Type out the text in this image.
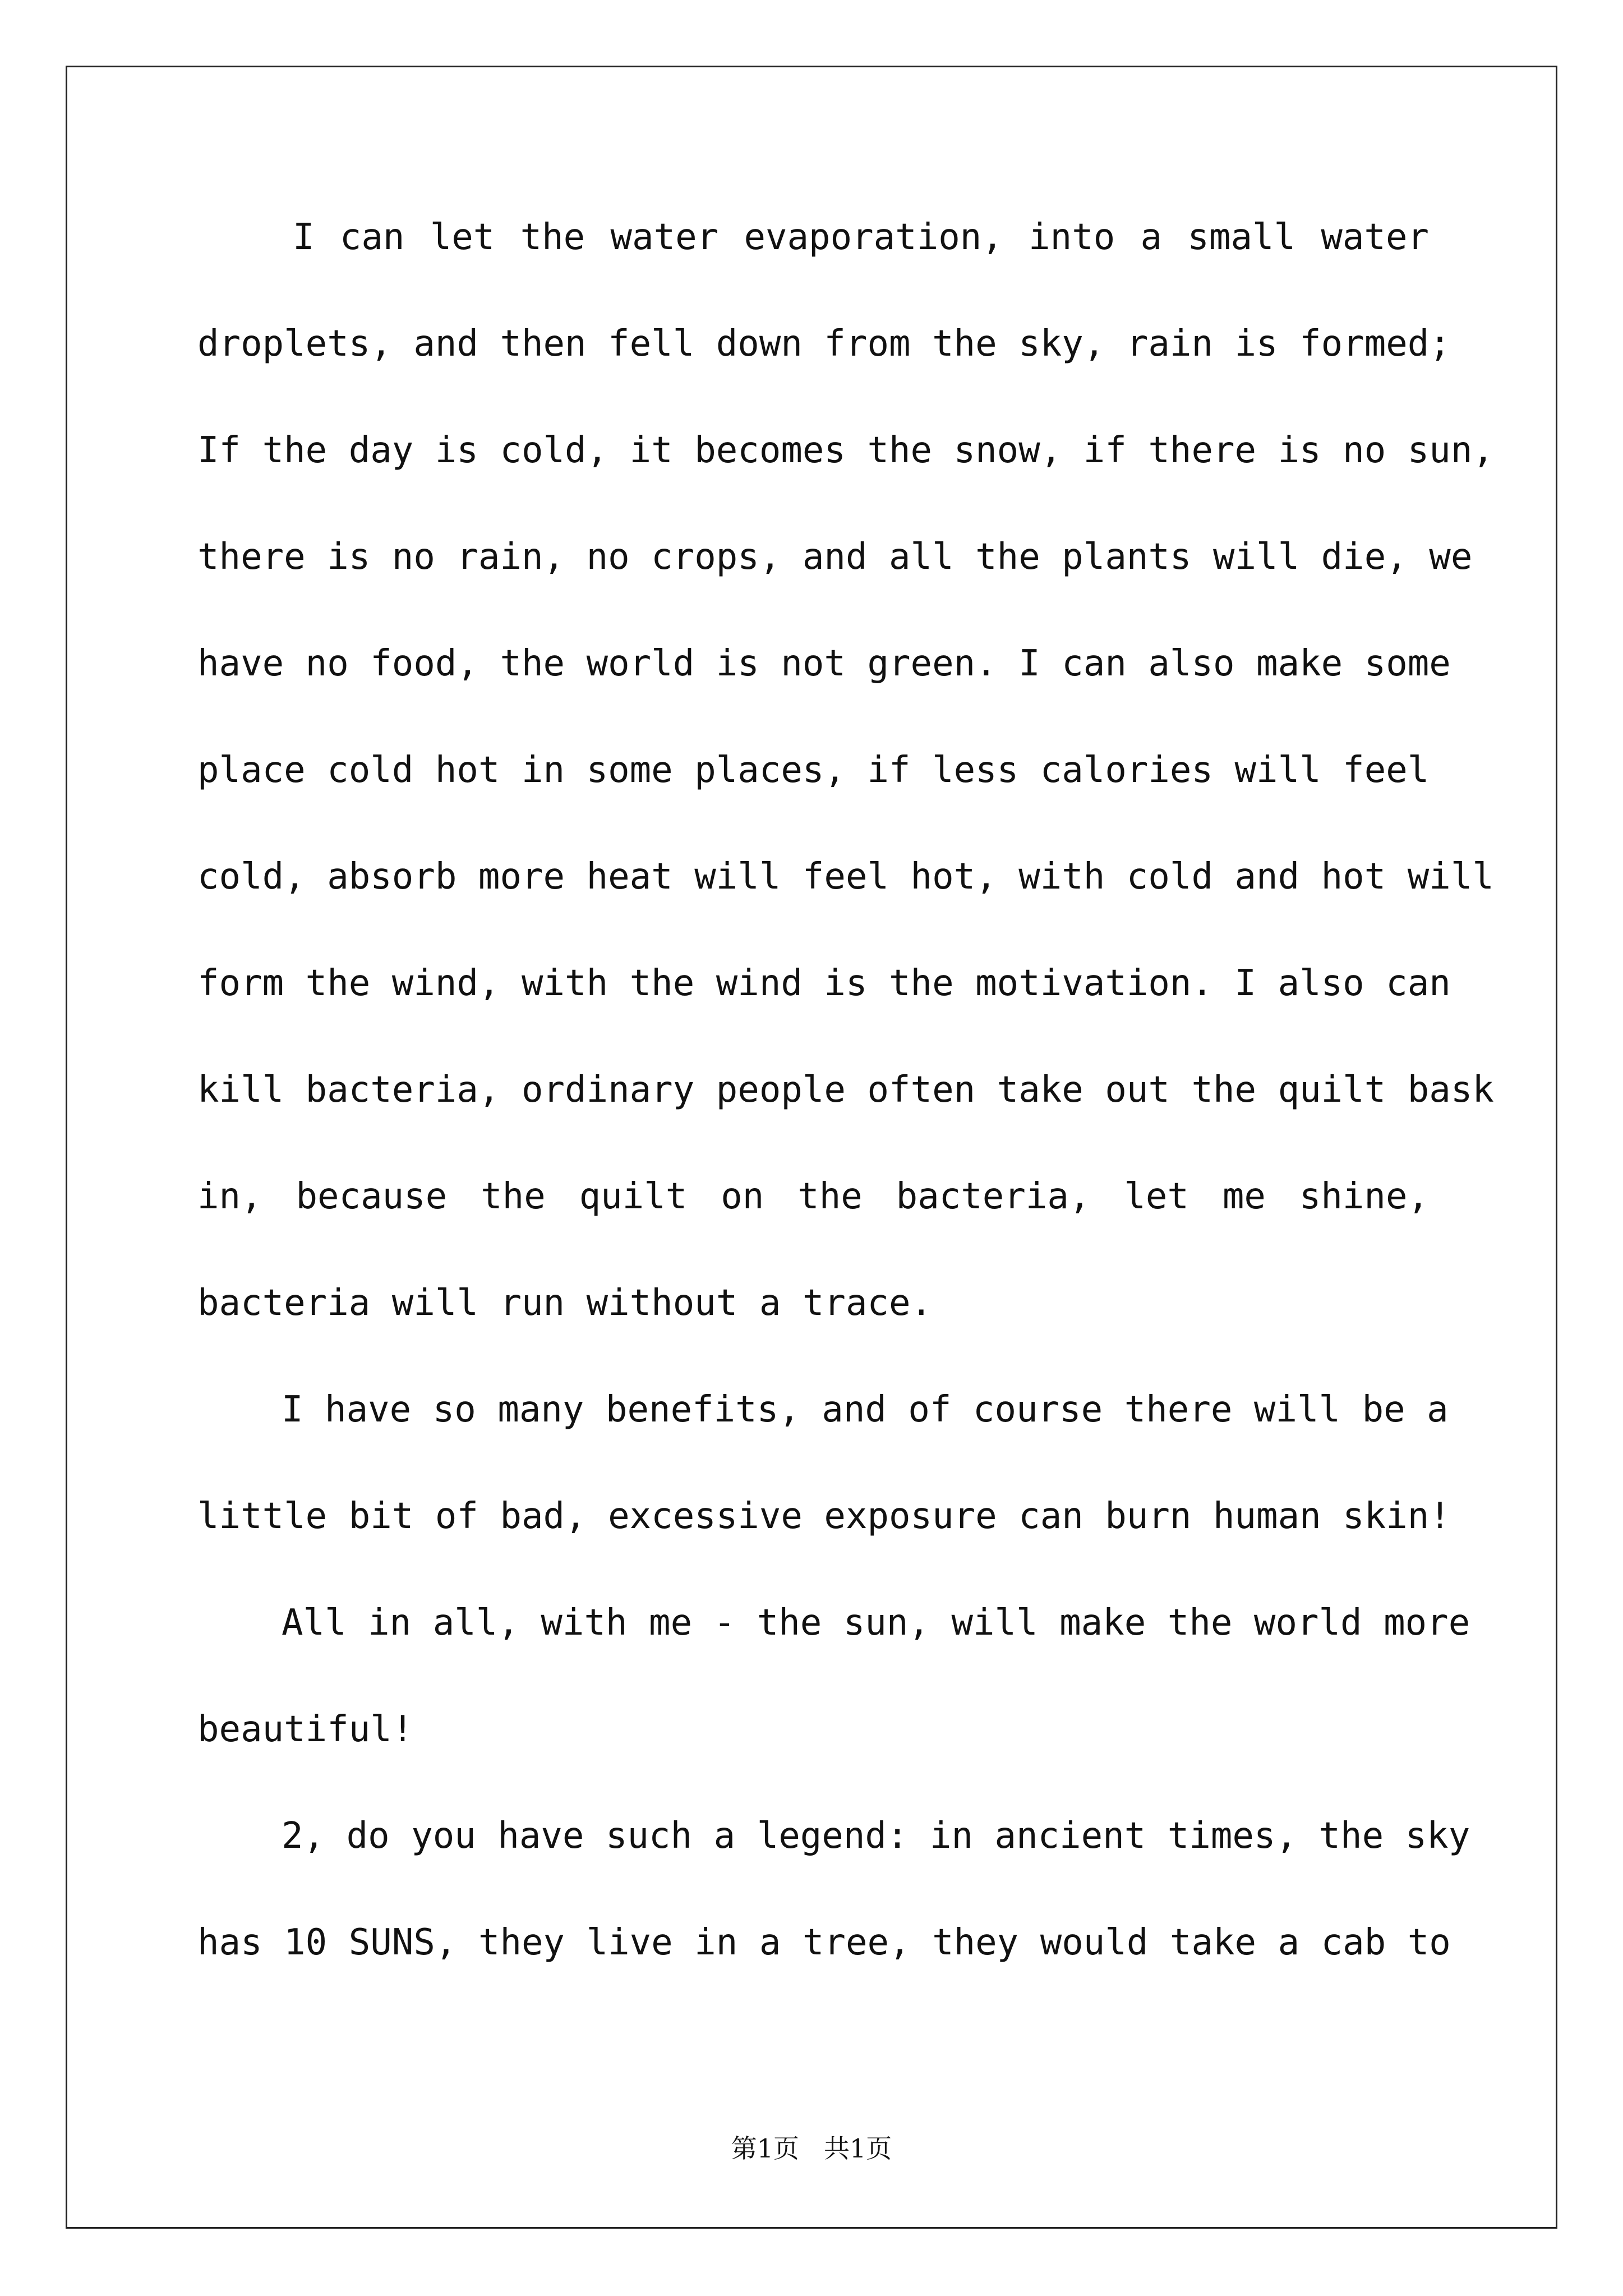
I can let the water evaporation, into a small water
droplets, and then fell down from the sky, rain is formed;
If the day is cold, it becomes the snow, if there is no sun,
there is no rain, no crops, and all the plants will die, we
have no food, the world is not green. I can also make some
place cold hot in some places, if less calories will feel
cold, absorb more heat will feel hot, with cold and hot will
form the wind, with the wind is the motivation. I also can
kill bacteria, ordinary people often take out the quilt bask
in, because the quilt on the bacteria, let me shine,
bacteria will run without a trace.
I have so many benefits, and of course there will be a
little bit of bad, excessive exposure can burn human skin!
All in all, with me - the sun, will make the world more
beautiful!
2, do you have such a legend: in ancient times, the sky
has 10 SUNS, they live in a tree, they would take a cab to
第1页 共1页
